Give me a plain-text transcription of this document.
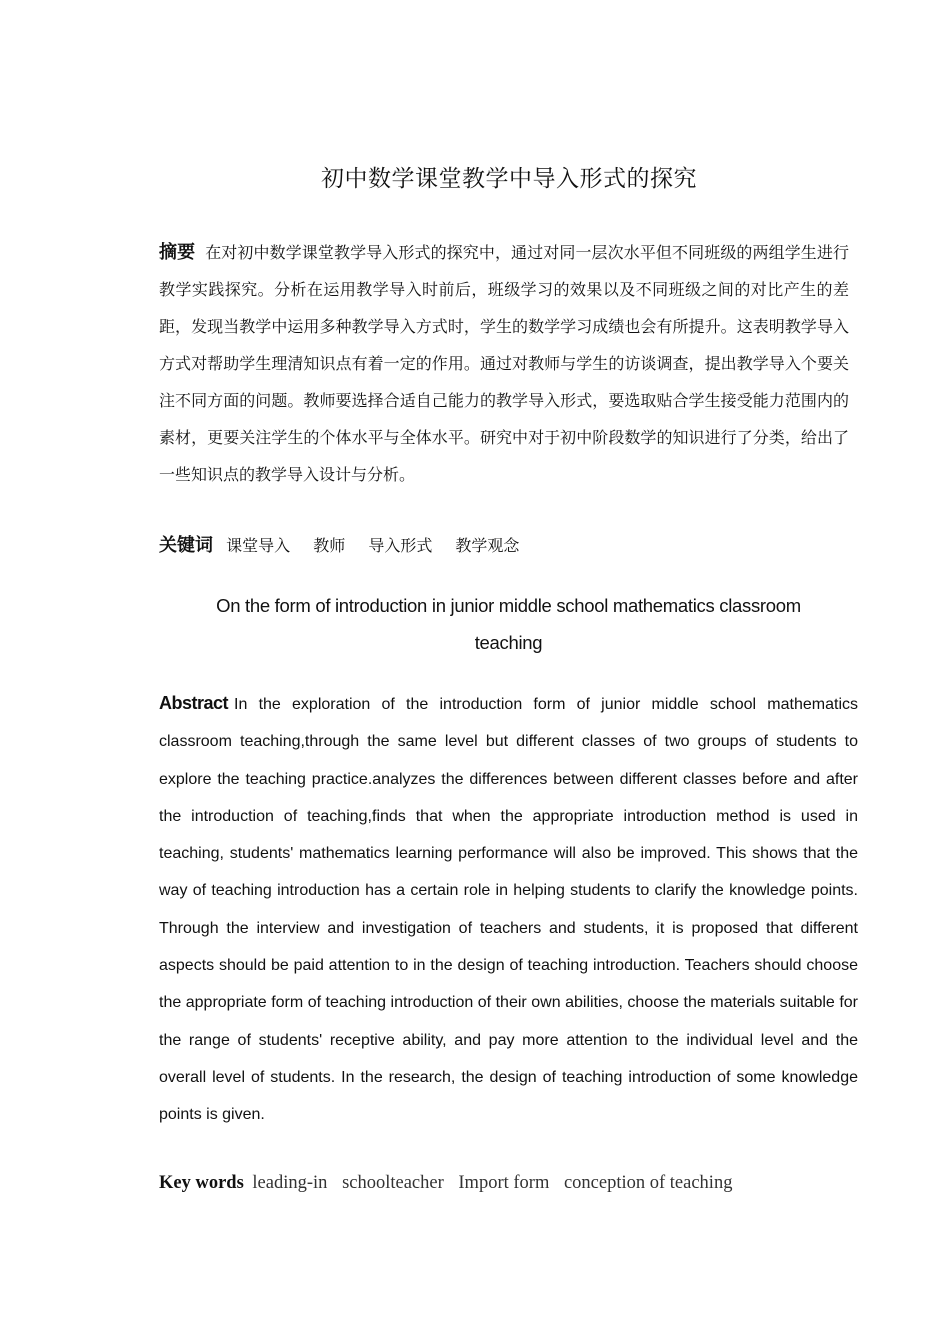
初中数学课堂教学中导入形式的探究

摘要 在对初中数学课堂教学导入形式的探究中，通过对同一层次水平但不同班级的两组学生进行教学实践探究。分析在运用教学导入时前后，班级学习的效果以及不同班级之间的对比产生的差距，发现当教学中运用多种教学导入方式时，学生的数学学习成绩也会有所提升。这表明教学导入方式对帮助学生理清知识点有着一定的作用。通过对教师与学生的访谈调查，提出教学导入个要关注不同方面的问题。教师要选择合适自己能力的教学导入形式，要选取贴合学生接受能力范围内的素材，更要关注学生的个体水平与全体水平。研究中对于初中阶段数学的知识进行了分类，给出了一些知识点的教学导入设计与分析。

关键词 课堂导入 教师 导入形式 教学观念

On the form of introduction in junior middle school mathematics classroom teaching

Abstract In the exploration of the introduction form of junior middle school mathematics classroom teaching,through the same level but different classes of two groups of students to explore the teaching practice.analyzes the differences between different classes before and after the introduction of teaching,finds that when the appropriate introduction method is used in teaching, students' mathematics learning performance will also be improved. This shows that the way of teaching introduction has a certain role in helping students to clarify the knowledge points. Through the interview and investigation of teachers and students, it is proposed that different aspects should be paid attention to in the design of teaching introduction. Teachers should choose the appropriate form of teaching introduction of their own abilities, choose the materials suitable for the range of students' receptive ability, and pay more attention to the individual level and the overall level of students. In the research, the design of teaching introduction of some knowledge points is given.

Key words leading-in schoolteacher Import form conception of teaching
